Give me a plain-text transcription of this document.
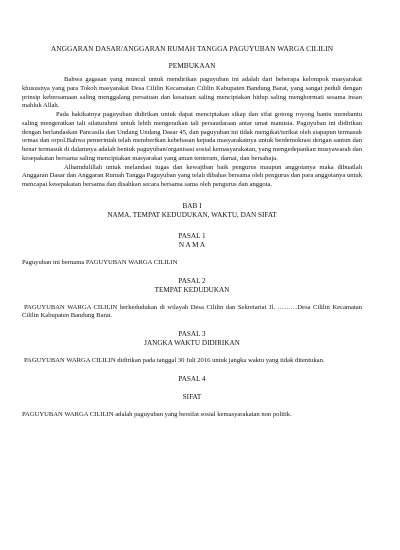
ANGGARAN DASAR/ANGGARAN RUMAH TANGGA PAGUYUBAN WARGA CILILIN
PEMBUKAAN

Bahwa gagasan yang muncul untuk mendirikan paguyuban ini adalah dari beberapa kelompok masyarakat khususnya yang para Tokoh masyarakat Desa Cililin Kecamatan Cililin Kabupaten Bandung Barat, yang sangat peduli dengan prinsip kebersamaan saling menggalang persatuan dan kesatuan saling menciptakan hidup saling menghormati sesama insan mahluk Allah.

Pada hakikatnya paguyuban didirikan untuk dapat menciptakan sikap dan sifat gotong royong bantu membantu saling mengeratkan tali silaturahmi untuk lebih mengeratkan tali persaudaraan antar umat manusia. Paguyuban ini didirikan dengan berlandaskan Pancasila dan Undang Undang Dasar 45, dan paguyuban ini tidak mengikat/terikat oleh siapapun termasuk ormas dan orpol.Bahwa pemerintah telah memberikan kebebasan kepada masyarakatnya untuk berdemokrasi dengan santun dan benar termasuk di dalamnya adalah bentuk paguyuban/organisasi sosial kemasyarakatan, yang mengedepankan musyawarah dan kesepakatan bersama saling menciptakan masyarakat yang aman tenteram, damai, dan bersahaja.

Alhamdulillah untuk melandasi tugas dan kewajiban baik pengurus maupun anggotanya maka dibuatlah Anggaran Dasar dan Anggaran Rumah Tangga Paguyuban yang telah dibahas bersama oleh pengurus dan para anggotanya untuk mencapai kesepakatan bersama dan disahkan secara bersama sama oleh pengurus dan anggota.

BAB I
NAMA, TEMPAT KEDUDUKAN, WAKTU, DAN SIFAT
PASAL 1
N A M A

Paguyuban ini bernama PAGUYUBAN WARGA CILILIN

PASAL 2
TEMPAT KEDUDUKAN

PAGUYUBAN WARGA CILILIN berkedudukan di wilayah Desa Cililin dan Sekretariat Jl. ………Desa Cililin Kecamatan Cililin Kabupaten Bandung Barat.

PASAL 3
JANGKA WAKTU DIDIRIKAN

PAGUYUBAN WARGA CILILIN didirikan pada tanggal 30 Juli 2016 untuk jangka waktu yang tidak ditentukan.

PASAL 4
SIFAT

PAGUYUBAN WARGA CILILIN adalah paguyuban yang bersifat sosial kemasyarakatan non politik.
